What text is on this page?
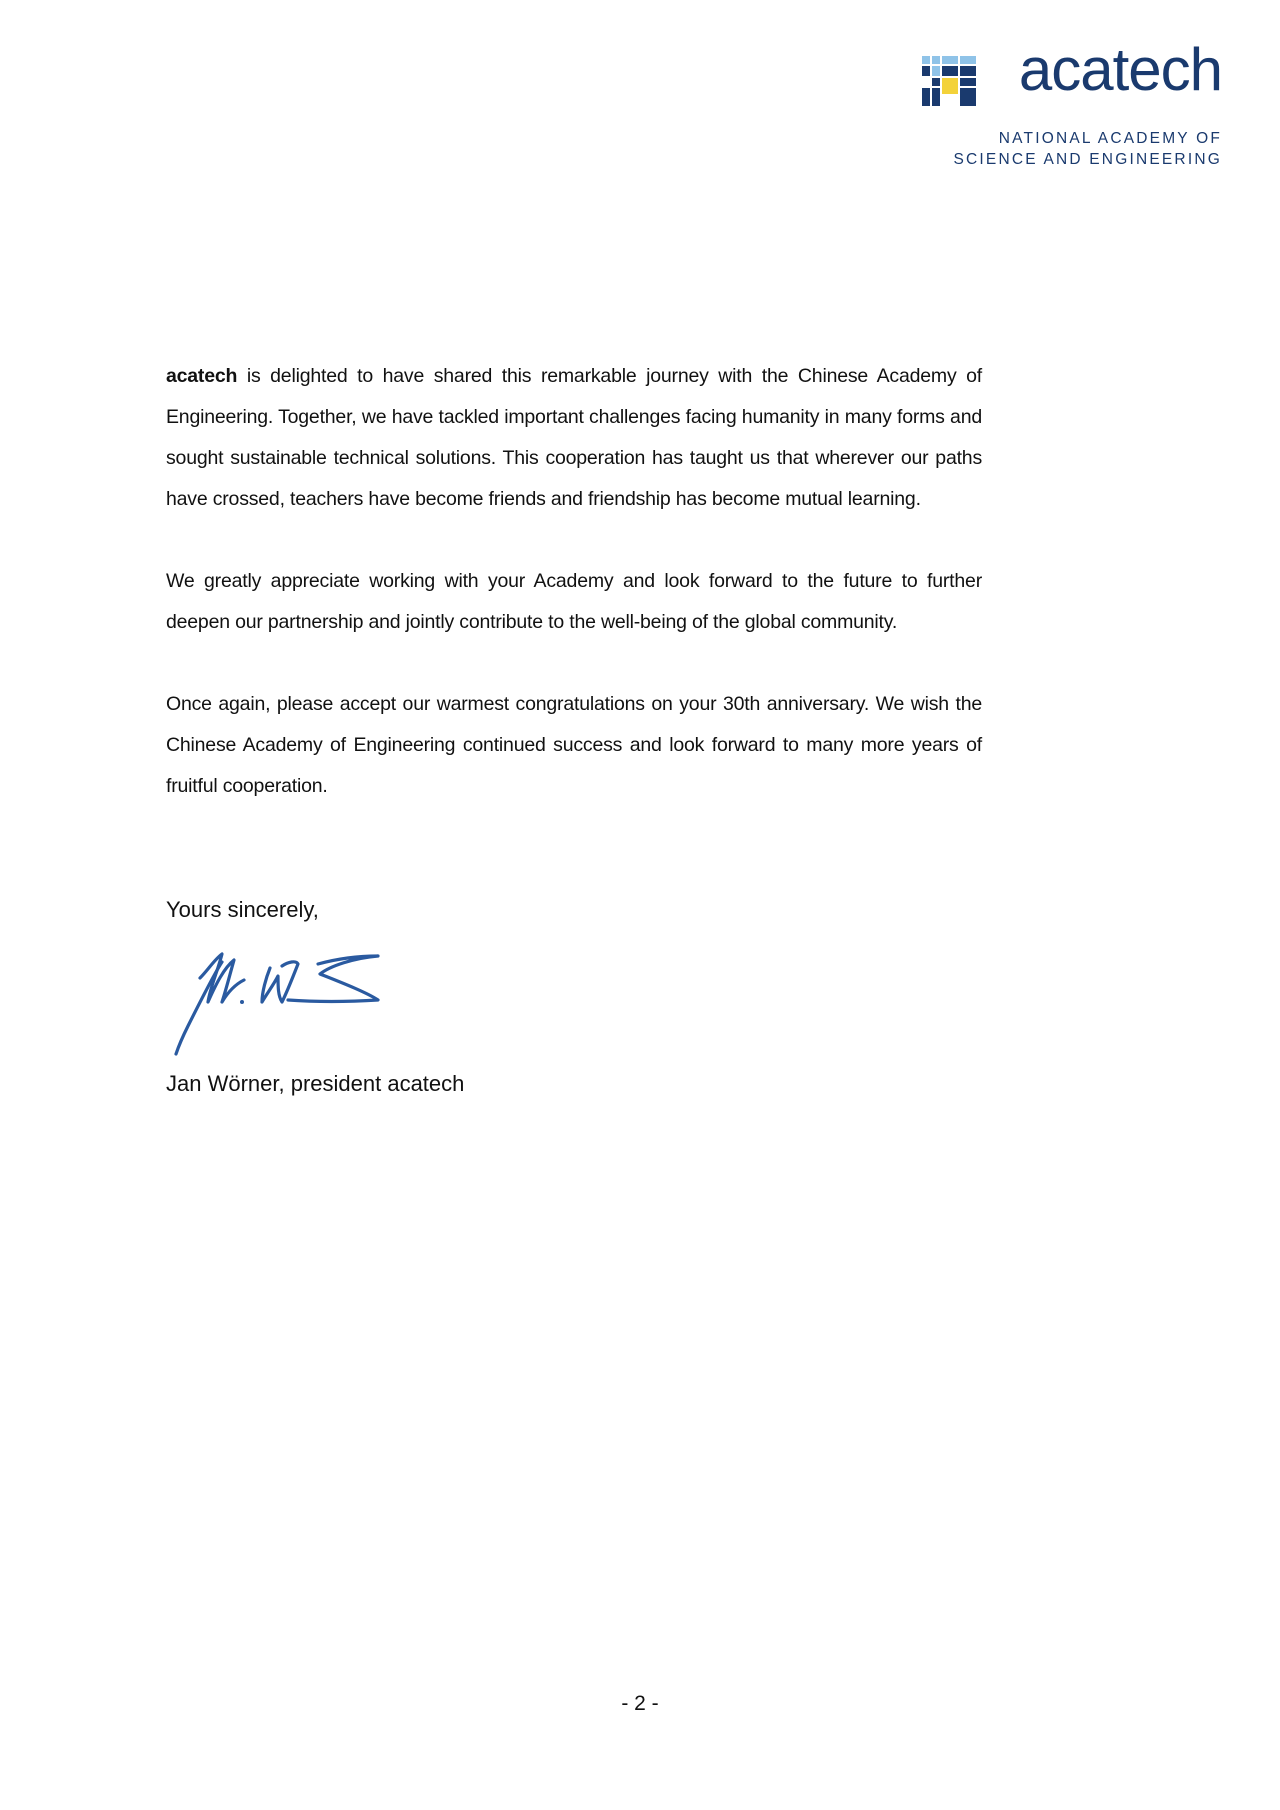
acatech
NATIONAL ACADEMY OF
SCIENCE AND ENGINEERING

acatech is delighted to have shared this remarkable journey with the Chinese Academy of Engineering. Together, we have tackled important challenges facing humanity in many forms and sought sustainable technical solutions. This cooperation has taught us that wherever our paths have crossed, teachers have become friends and friendship has become mutual learning.

We greatly appreciate working with your Academy and look forward to the future to further deepen our partnership and jointly contribute to the well-being of the global community.

Once again, please accept our warmest congratulations on your 30th anniversary. We wish the Chinese Academy of Engineering continued success and look forward to many more years of fruitful cooperation.

Yours sincerely,
Jan Wörner, president acatech
- 2 -
